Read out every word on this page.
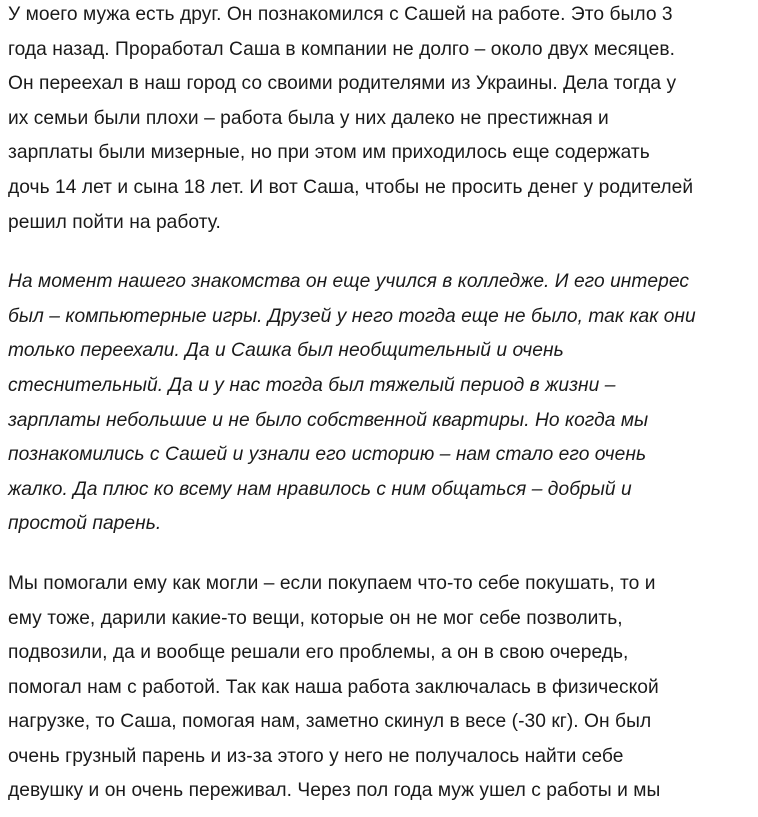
У моего мужа есть друг. Он познакомился с Сашей на работе. Это было 3
года назад. Проработал Саша в компании не долго – около двух месяцев.
Он переехал в наш город со своими родителями из Украины. Дела тогда у
их семьи были плохи – работа была у них далеко не престижная и
зарплаты были мизерные, но при этом им приходилось еще содержать
дочь 14 лет и сына 18 лет. И вот Саша, чтобы не просить денег у родителей
решил пойти на работу.

На момент нашего знакомства он еще учился в колледже. И его интерес
был – компьютерные игры. Друзей у него тогда еще не было, так как они
только переехали. Да и Сашка был необщительный и очень
стеснительный. Да и у нас тогда был тяжелый период в жизни –
зарплаты небольшие и не было собственной квартиры. Но когда мы
познакомились с Сашей и узнали его историю – нам стало его очень
жалко. Да плюс ко всему нам нравилось с ним общаться – добрый и
простой парень.

Мы помогали ему как могли – если покупаем что-то себе покушать, то и
ему тоже, дарили какие-то вещи, которые он не мог себе позволить,
подвозили, да и вообще решали его проблемы, а он в свою очередь,
помогал нам с работой. Так как наша работа заключалась в физической
нагрузке, то Саша, помогая нам, заметно скинул в весе (-30 кг). Он был
очень грузный парень и из-за этого у него не получалось найти себе
девушку и он очень переживал. Через пол года муж ушел с работы и мы
